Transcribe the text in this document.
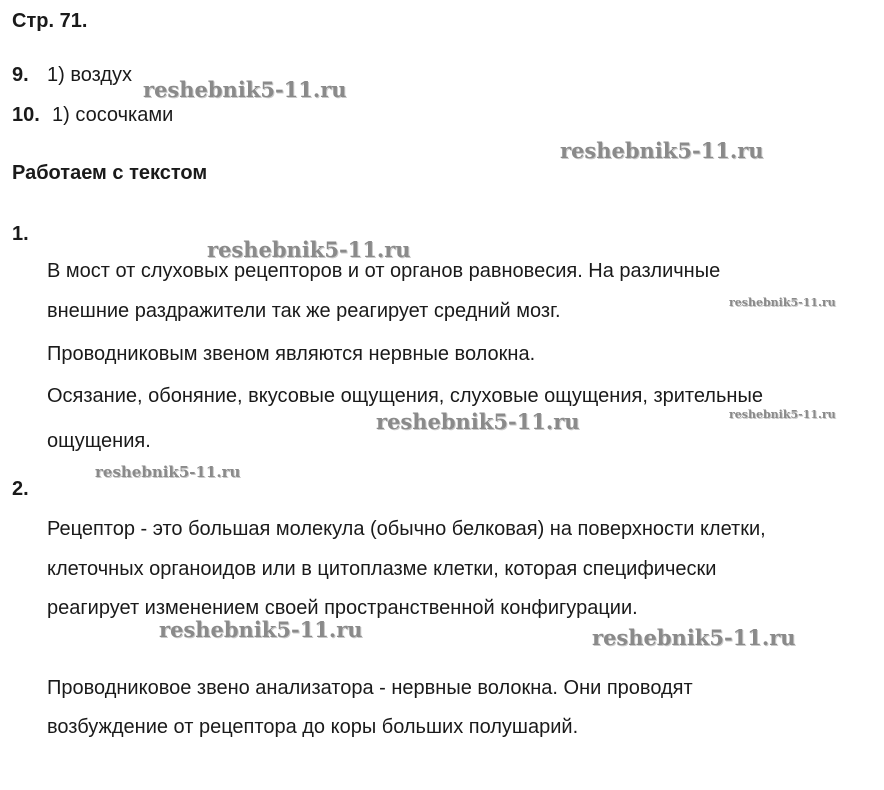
Стр. 71.
9. 1) воздух
10. 1) сосочками
Работаем с текстом
1.
В мост от слуховых рецепторов и от органов равновесия. На различные
внешние раздражители так же реагирует средний мозг.
Проводниковым звеном являются нервные волокна.
Осязание, обоняние, вкусовые ощущения, слуховые ощущения, зрительные
ощущения.
2.
Рецептор - это большая молекула (обычно белковая) на поверхности клетки,
клеточных органоидов или в цитоплазме клетки, которая специфически
реагирует изменением своей пространственной конфигурации.
Проводниковое звено анализатора - нервные волокна. Они проводят
возбуждение от рецептора до коры больших полушарий.
reshebnik5-11.ru
reshebnik5-11.ru
reshebnik5-11.ru
reshebnik5-11.ru
reshebnik5-11.ru	reshebnik5-11.ru
reshebnik5-11.ru
reshebnik5-11.ru	reshebnik5-11.ru
